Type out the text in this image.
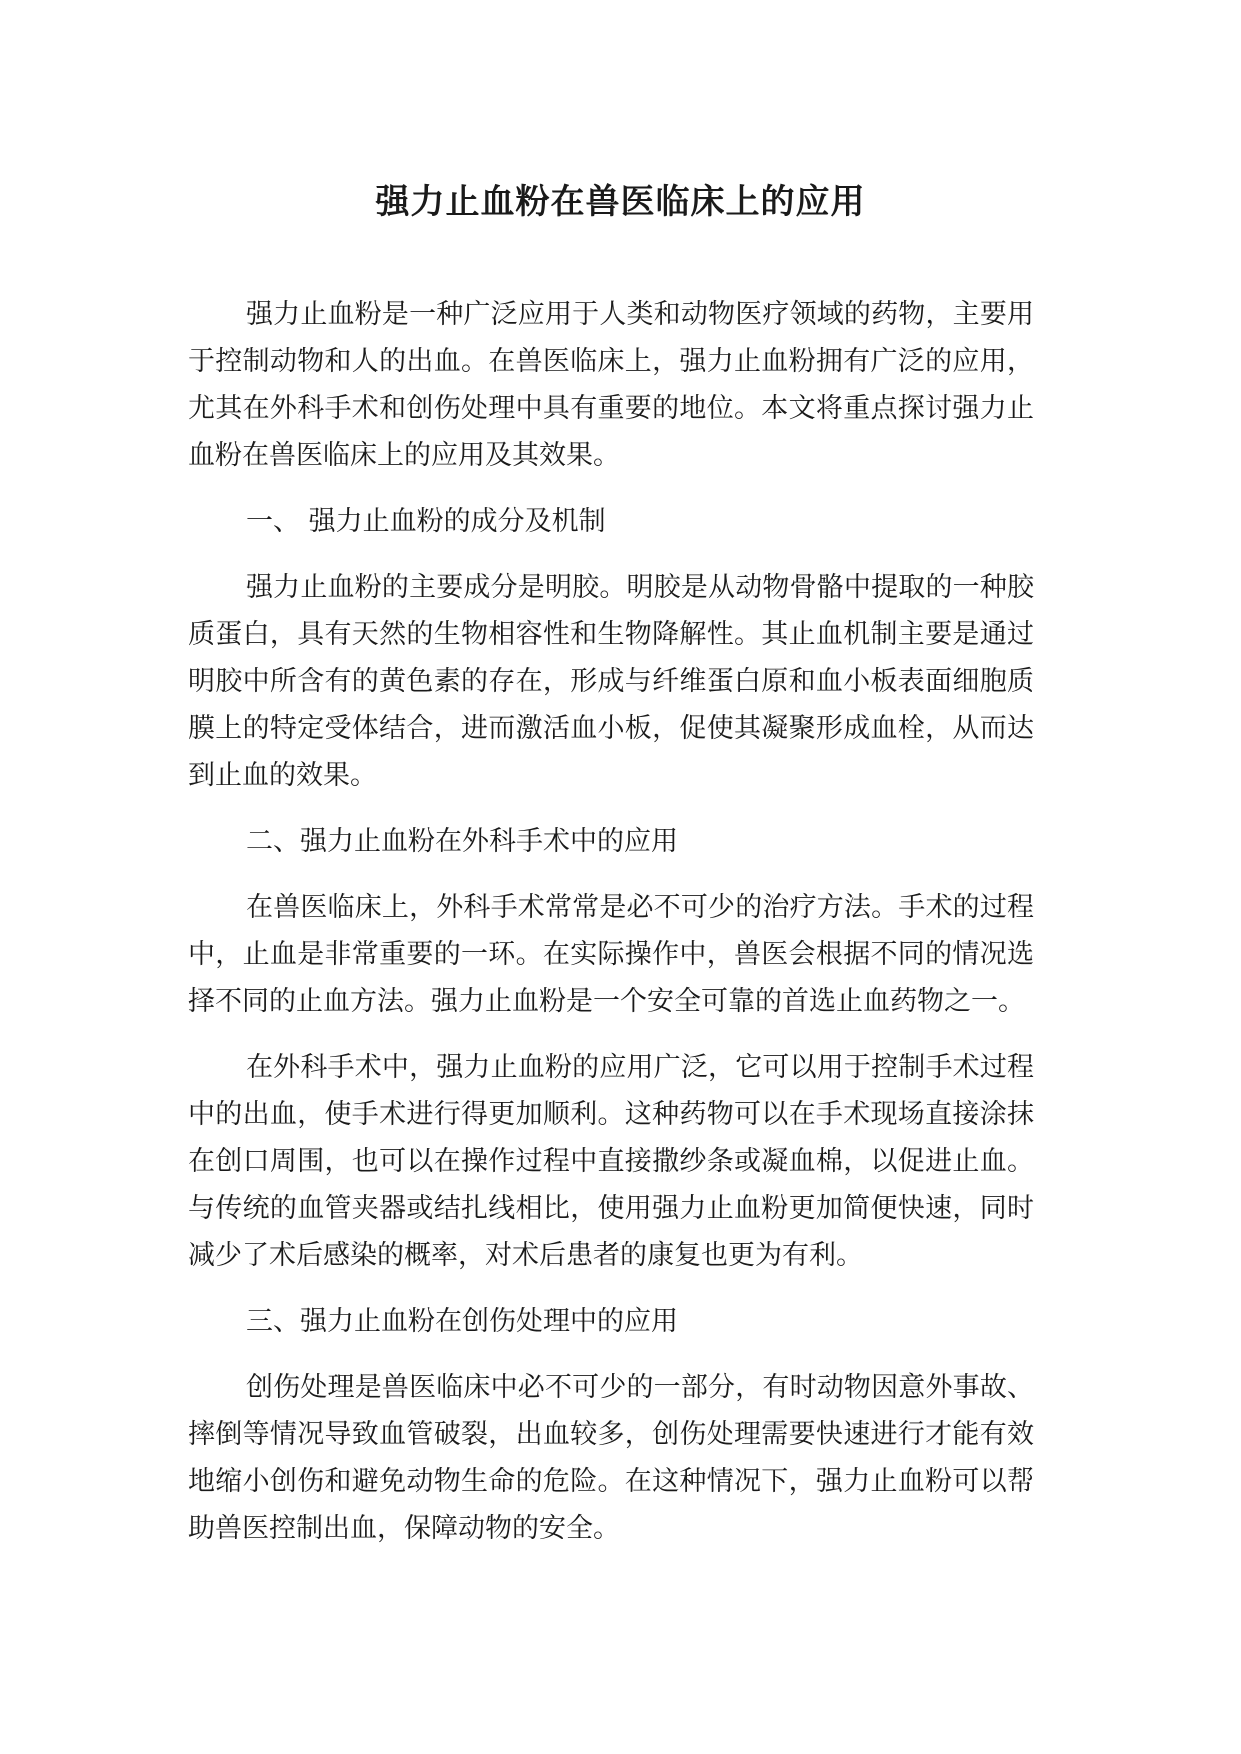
强力止血粉在兽医临床上的应用

强力止血粉是一种广泛应用于人类和动物医疗领域的药物，主要用于控制动物和人的出血。在兽医临床上，强力止血粉拥有广泛的应用，尤其在外科手术和创伤处理中具有重要的地位。本文将重点探讨强力止血粉在兽医临床上的应用及其效果。

一、 强力止血粉的成分及机制

强力止血粉的主要成分是明胶。明胶是从动物骨骼中提取的一种胶质蛋白，具有天然的生物相容性和生物降解性。其止血机制主要是通过明胶中所含有的黄色素的存在，形成与纤维蛋白原和血小板表面细胞质膜上的特定受体结合，进而激活血小板，促使其凝聚形成血栓，从而达到止血的效果。

二、强力止血粉在外科手术中的应用

在兽医临床上，外科手术常常是必不可少的治疗方法。手术的过程中，止血是非常重要的一环。在实际操作中，兽医会根据不同的情况选择不同的止血方法。强力止血粉是一个安全可靠的首选止血药物之一。

在外科手术中，强力止血粉的应用广泛，它可以用于控制手术过程中的出血，使手术进行得更加顺利。这种药物可以在手术现场直接涂抹在创口周围，也可以在操作过程中直接撒纱条或凝血棉，以促进止血。与传统的血管夹器或结扎线相比，使用强力止血粉更加简便快速，同时减少了术后感染的概率，对术后患者的康复也更为有利。

三、强力止血粉在创伤处理中的应用

创伤处理是兽医临床中必不可少的一部分，有时动物因意外事故、摔倒等情况导致血管破裂，出血较多，创伤处理需要快速进行才能有效地缩小创伤和避免动物生命的危险。在这种情况下，强力止血粉可以帮助兽医控制出血，保障动物的安全。
